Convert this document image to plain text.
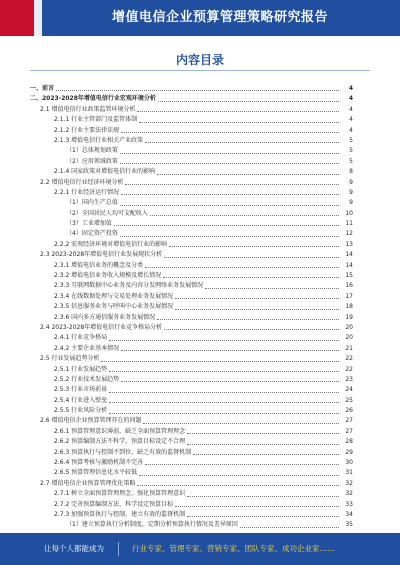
增值电信企业预算管理策略研究报告
内容目录
一、前言	4
二、2023-2028年增值电信行业宏观环境分析	4
2.1 增值电信行业政策监管环境分析	4
2.1.1 行业主管部门及监管体制	4
2.1.2 行业主要法律法规	4
2.1.3 增值电信行业相关产业政策	5
（1）总体规划政策	5
（2）应用领域政策	5
2.1.4 国家政策对增值电信行业的影响	8
2.2 增值电信行业经济环境分析	9
2.2.1 行业经济运行情况	9
（1）国内生产总值	9
（2）全国居民人均可支配收入	10
（3）工业增加值	11
（4）固定资产投资	12
2.2.2 宏观经济环境对增值电信行业的影响	13
2.3 2023-2028年增值电信行业发展现状分析	14
2.3.1 增值电信业务的概念及分类	14
2.3.2 增值电信业务收入规模及增长情况	15
2.3.3 互联网数据中心业务及内容分发网络业务发展情况	16
2.3.4 在线数据处理与交易处理业务发展情况	17
2.3.5 信息服务业务与呼叫中心业务发展情况	18
2.3.6 国内多方通信服务业务发展情况	19
2.4 2023-2028年增值电信行业竞争格局分析	20
2.4.1 行业竞争格局	20
2.4.2 主要企业基本情况	21
2.5 行业发展趋势分析	22
2.5.1 行业发展趋势	22
2.5.2 行业技术发展趋势	23
2.5.3 行业市场前景	24
2.5.4 行业进入壁垒	25
2.5.5 行业风险分析	26
2.6 增值电信企业预算管理存在的问题	27
2.6.1 预算管理意识薄弱，缺乏全面预算管理理念	27
2.6.2 预算编制方法不科学，预算目标设定不合理	28
2.6.3 预算执行与控制不到位，缺乏有效的监督机制	29
2.6.4 预算考核与激励机制不完善	30
2.6.5 预算管理信息化水平较低	31
2.7 增值电信企业预算管理优化策略	32
2.7.1 树立全面预算管理理念，强化预算管理意识	32
2.7.2 完善预算编制方法，科学设定预算目标	33
2.7.3 加强预算执行与控制，建立有效的监督机制	34
（1）建立预算执行分析制度，定期分析预算执行情况及差异原因	35
让每个人都能成为	行业专家、管理专家、营销专家、团队专家、成功企业家……
